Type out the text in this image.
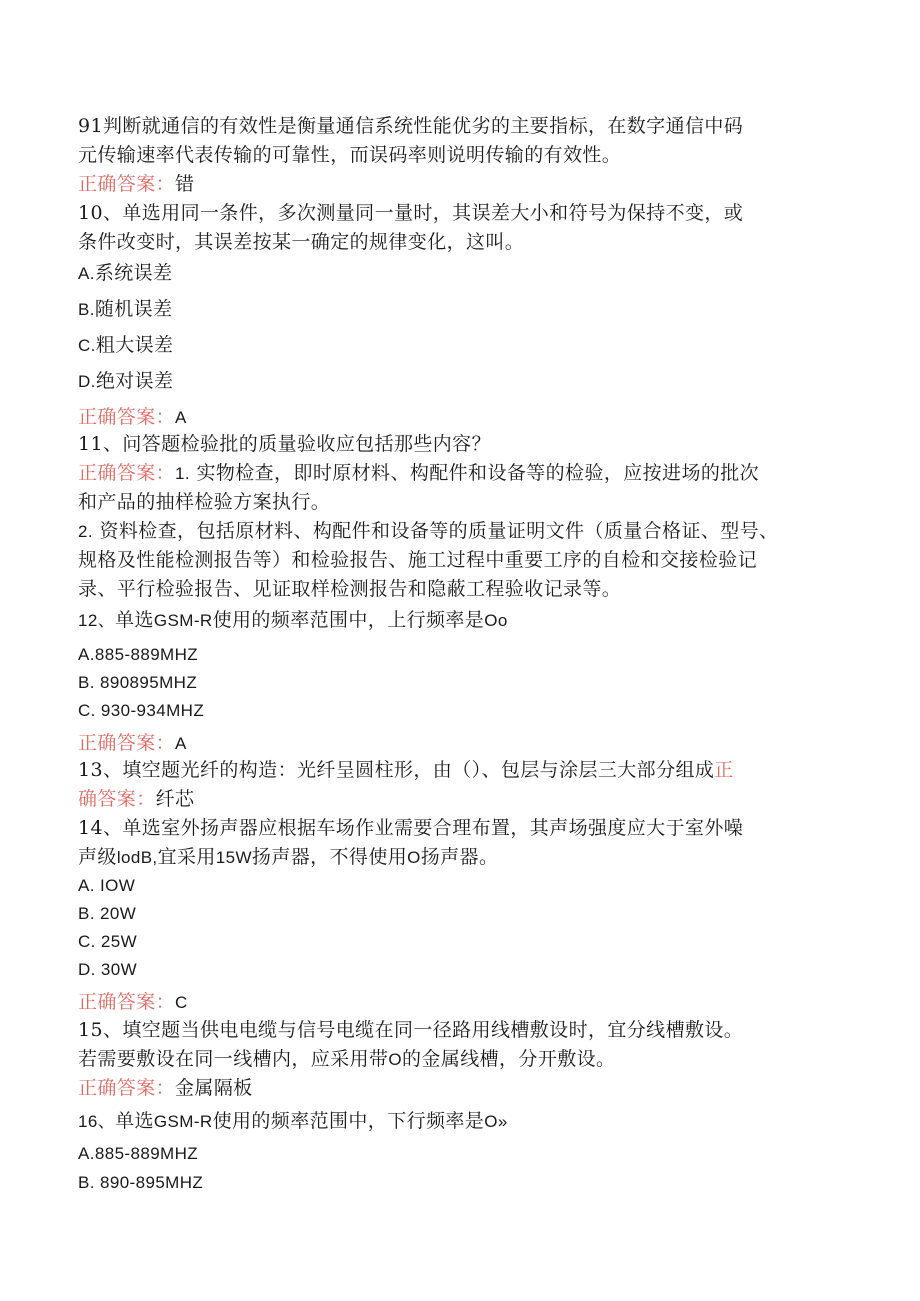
91判断就通信的有效性是衡量通信系统性能优劣的主要指标，在数字通信中码
元传输速率代表传输的可靠性，而误码率则说明传输的有效性。
正确答案：错
10、单选用同一条件，多次测量同一量时，其误差大小和符号为保持不变，或
条件改变时，其误差按某一确定的规律变化，这叫。
A.系统误差
B.随机误差
C.粗大误差
D.绝对误差
正确答案：A
11、问答题检验批的质量验收应包括那些内容？
正确答案：1. 实物检查，即时原材料、构配件和设备等的检验，应按进场的批次
和产品的抽样检验方案执行。
2. 资料检查，包括原材料、构配件和设备等的质量证明文件（质量合格证、型号、
规格及性能检测报告等）和检验报告、施工过程中重要工序的自检和交接检验记
录、平行检验报告、见证取样检测报告和隐蔽工程验收记录等。
12、单选GSM-R使用的频率范围中，上行频率是Oo
A.885-889MHZ
B. 890895MHZ
C. 930-934MHZ
正确答案：A
13、填空题光纤的构造：光纤呈圆柱形，由（）、包层与涂层三大部分组成正
确答案：纤芯
14、单选室外扬声器应根据车场作业需要合理布置，其声场强度应大于室外噪
声级lodB,宜采用15W扬声器，不得使用O扬声器。
A. IOW
B. 20W
C. 25W
D. 30W
正确答案：C
15、填空题当供电电缆与信号电缆在同一径路用线槽敷设时，宜分线槽敷设。
若需要敷设在同一线槽内，应采用带O的金属线槽，分开敷设。
正确答案：金属隔板
16、单选GSM-R使用的频率范围中，下行频率是O»
A.885-889MHZ
B. 890-895MHZ
